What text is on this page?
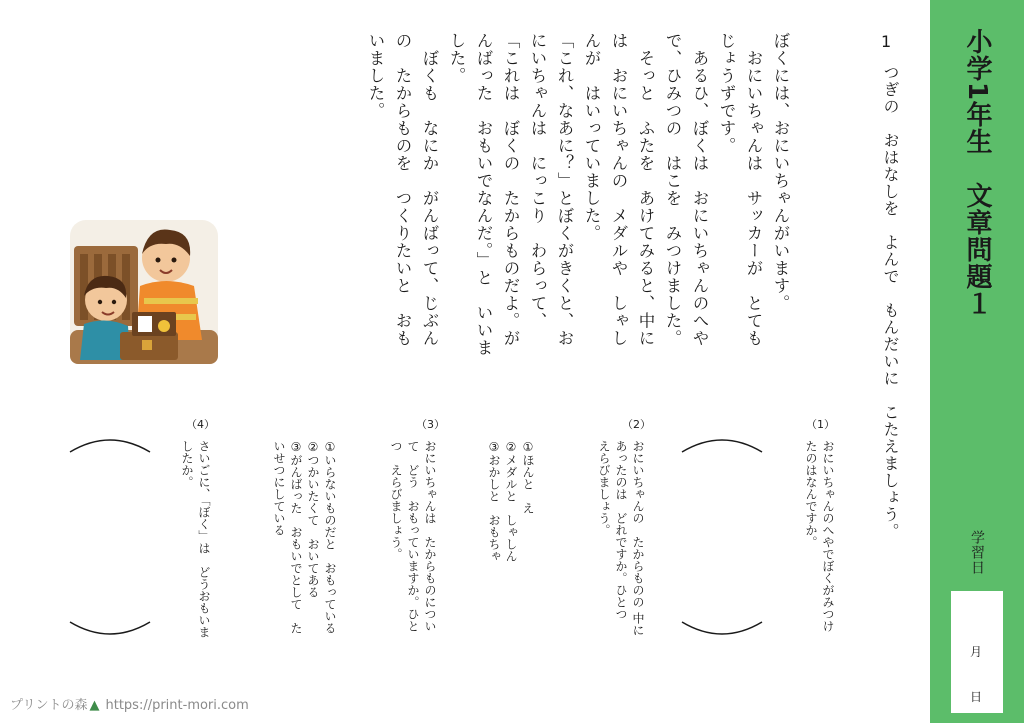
小学1年生　文章問題１
学習日
月
日
1
つぎの　おはなしを　よんで　もんだいに　こたえましょう。

ぼくには、おにいちゃんがいます。

　おにいちゃんは　サッカーが　とても　じょうずです。

　あるひ、ぼくは　おにいちゃんのへやで、ひみつの　はこを　みつけました。

　そっと　ふたを　あけてみると、中には　おにいちゃんの　メダルや　しゃしんが　はいっていました。

「これ、なあに？」とぼくがきくと、おにいちゃんは　にっこり　わらって、

「これは　ぼくの　たからものだよ。がんばった　おもいでなんだ。」と　いいました。

　ぼくも　なにか　がんばって、じぶんの　たからものを　つくりたいと　おもいました。

（1）
（2）
（3）
（4）
おにいちゃんのへやでぼくがみつけたのはなんですか。
おにいちゃんの　たからものの 中に　あったのは　どれですか。ひとつ　えらびましょう。
①ほんと　え
②メダルと　しゃしん
③おかしと　おもちゃ
おにいちゃんは　たからものについて　どう　おもっていますか。ひとつ　えらびましょう。
①いらないものだと　おもっている
②つかいたくて　おいてある
③がんばった　おもいでとして　たいせつにしている
さいごに、「ぼく」は　どうおもいましたか。
プリントの森 ▲ https://print-mori.com
